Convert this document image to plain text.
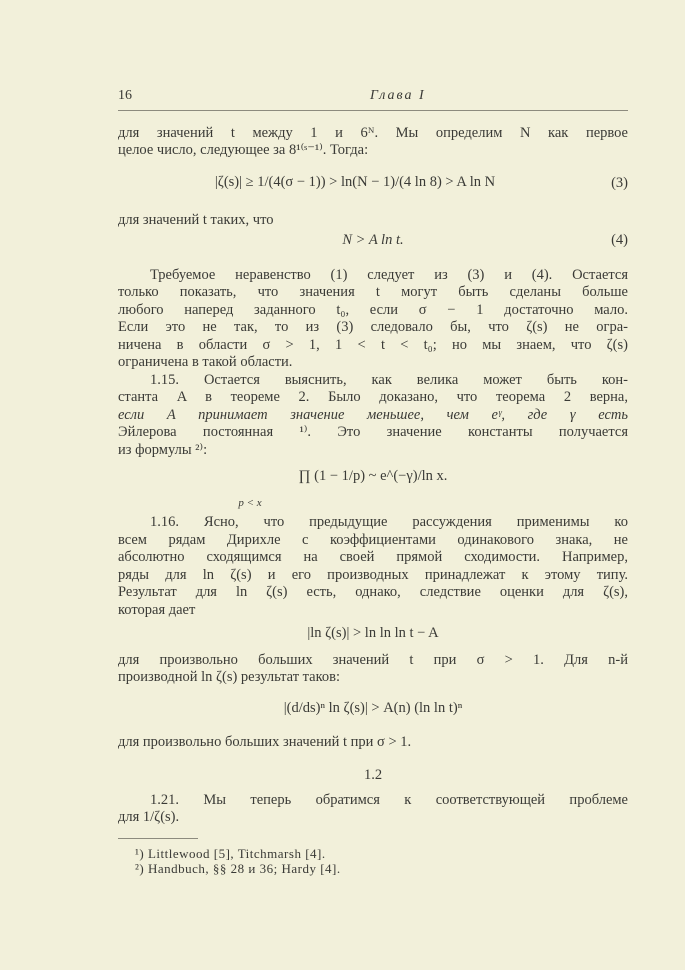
16	Глава I
для значений t между 1 и 6ᴺ. Мы определим N как первое
целое число, следующее за 8¹⁽ˢ⁻¹⁾. Тогда:
|ζ(s)| ≥ 1/(4(σ − 1)) > ln(N − 1)/(4 ln 8) > A ln N	(3)
для значений t таких, что
N > A ln t.	(4)
Требуемое неравенство (1) следует из (3) и (4). Остается
только показать, что значения t могут быть сделаны больше
любого наперед заданного t₀, если σ − 1 достаточно мало.
Если это не так, то из (3) следовало бы, что ζ(s) не огра-
ничена в области σ > 1, 1 < t < t₀; но мы знаем, что ζ(s)
ограничена в такой области.
1.15. Остается выяснить, как велика может быть кон-
станта A в теореме 2. Было доказано, что теорема 2 верна,
если A принимает значение меньшее, чем eᵞ, где γ есть
Эйлерова постоянная ¹⁾. Это значение константы получается
из формулы ²⁾:
∏ (1 − 1/p) ~ e^(−γ)/ln x.
p < x
1.16. Ясно, что предыдущие рассуждения применимы ко
всем рядам Дирихле с коэффициентами одинакового знака, не
абсолютно сходящимся на своей прямой сходимости. Например,
ряды для ln ζ(s) и его производных принадлежат к этому типу.
Результат для ln ζ(s) есть, однако, следствие оценки для ζ(s),
которая дает
|ln ζ(s)| > ln ln ln t − A
для произвольно больших значений t при σ > 1. Для n-й
производной ln ζ(s) результат таков:
|(d/ds)ⁿ ln ζ(s)| > A(n) (ln ln t)ⁿ
для произвольно больших значений t при σ > 1.
1.2
1.21. Мы теперь обратимся к соответствующей проблеме
для 1/ζ(s).
¹) Littlewood [5], Titchmarsh [4].
²) Handbuch, §§ 28 и 36; Hardy [4].
